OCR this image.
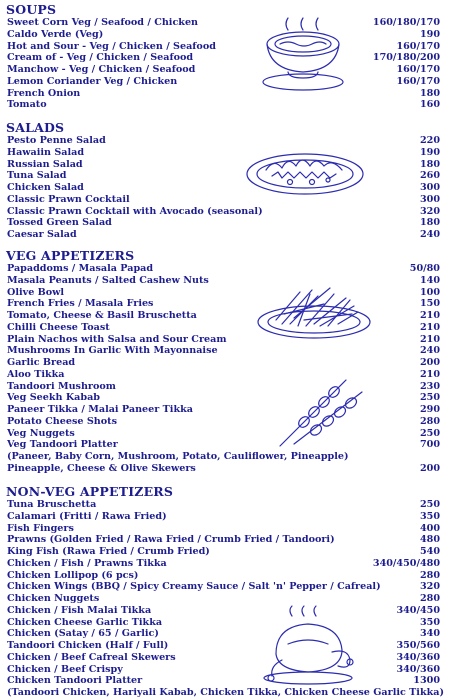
SOUPS
Sweet Corn Veg / Seafood / Chicken	160/180/170
Caldo Verde (Veg)	190
Hot and Sour - Veg / Chicken / Seafood	160/170
Cream of - Veg / Chicken / Seafood	170/180/200
Manchow - Veg / Chicken / Seafood	160/170
Lemon Coriander Veg / Chicken	160/170
French Onion	180
Tomato	160
SALADS
Pesto Penne Salad	220
Hawaiin Salad	190
Russian Salad	180
Tuna Salad	260
Chicken Salad	300
Classic Prawn Cocktail	300
Classic Prawn Cocktail with Avocado (seasonal)	320
Tossed Green Salad	180
Caesar Salad	240
VEG APPETIZERS
Papaddoms / Masala Papad	50/80
Masala Peanuts / Salted Cashew Nuts	140
Olive Bowl	100
French Fries / Masala Fries	150
Tomato, Cheese & Basil Bruschetta	210
Chilli Cheese Toast	210
Plain Nachos with Salsa and Sour Cream	210
Mushrooms In Garlic With Mayonnaise	240
Garlic Bread	200
Aloo Tikka	210
Tandoori Mushroom	230
Veg Seekh Kabab	250
Paneer Tikka / Malai Paneer Tikka	290
Potato Cheese Shots	280
Veg Nuggets	250
Veg Tandoori Platter	700
(Paneer, Baby Corn, Mushroom, Potato, Cauliflower, Pineapple)
Pineapple, Cheese & Olive Skewers	200
NON-VEG APPETIZERS
Tuna Bruschetta	250
Calamari (Fritti / Rawa Fried)	350
Fish Fingers	400
Prawns (Golden Fried / Rawa Fried / Crumb Fried / Tandoori)	480
King Fish (Rawa Fried / Crumb Fried)	540
Chicken / Fish / Prawns Tikka	340/450/480
Chicken Lollipop (6 pcs)	280
Chicken Wings (BBQ / Spicy Creamy Sauce / Salt 'n' Pepper / Cafreal)	320
Chicken Nuggets	280
Chicken / Fish Malai Tikka	340/450
Chicken Cheese Garlic Tikka	350
Chicken (Satay / 65 / Garlic)	340
Tandoori Chicken (Half / Full)	350/560
Chicken / Beef Cafreal Skewers	340/360
Chicken / Beef Crispy	340/360
Chicken Tandoori Platter	1300
(Tandoori Chicken, Hariyali Kabab, Chicken Tikka, Chicken Cheese Garlic Tikka)
